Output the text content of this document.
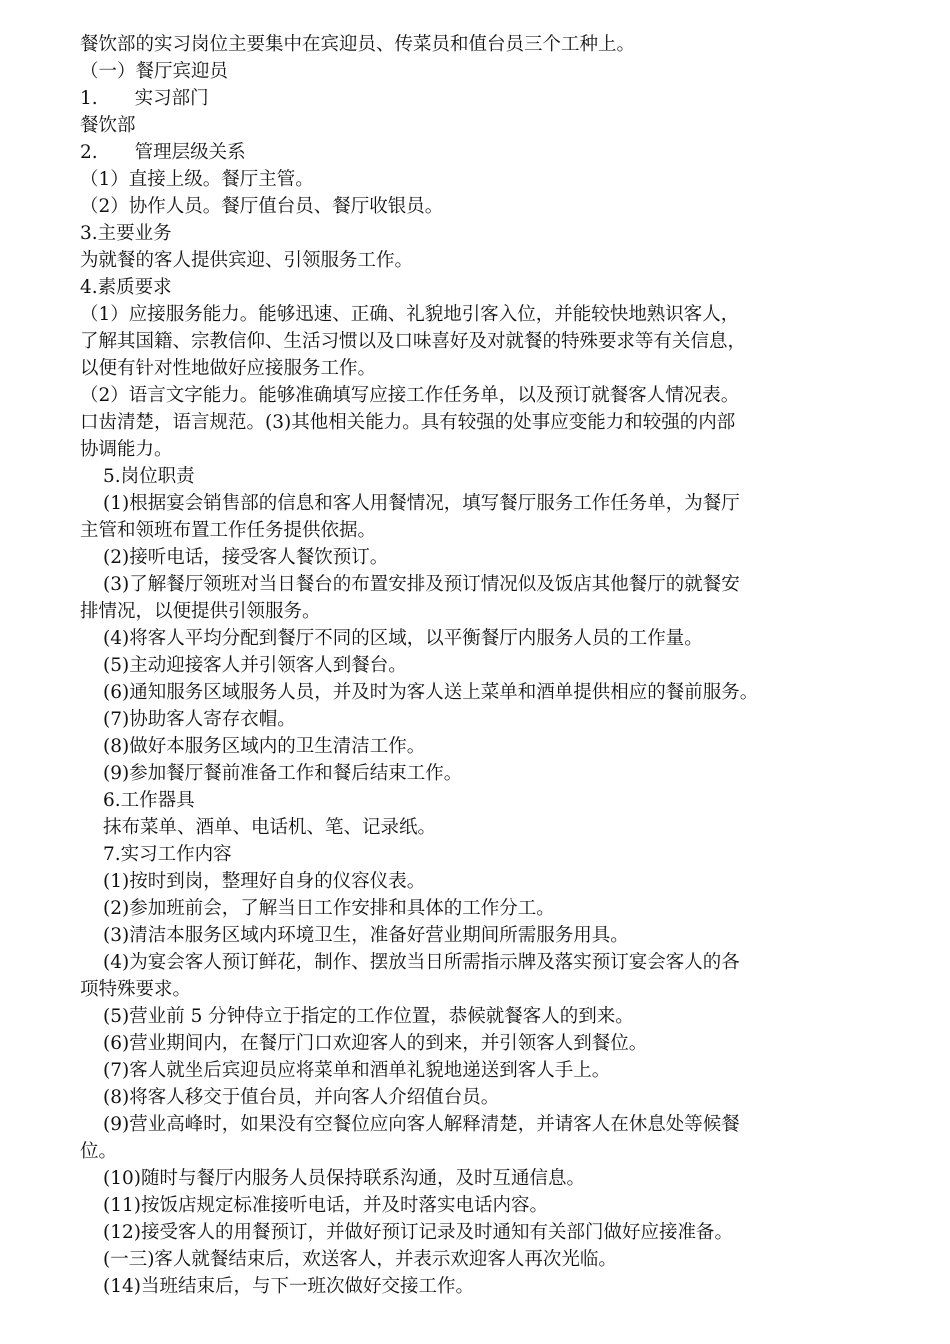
餐饮部的实习岗位主要集中在宾迎员、传菜员和值台员三个工种上。
（一）餐厅宾迎员
1.　　实习部门
餐饮部
2.　　管理层级关系
（1）直接上级。餐厅主管。
（2）协作人员。餐厅值台员、餐厅收银员。
3.主要业务
为就餐的客人提供宾迎、引领服务工作。
4.素质要求
（1）应接服务能力。能够迅速、正确、礼貌地引客入位，并能较快地熟识客人，
了解其国籍、宗教信仰、生活习惯以及口味喜好及对就餐的特殊要求等有关信息，
以便有针对性地做好应接服务工作。
（2）语言文字能力。能够准确填写应接工作任务单，以及预订就餐客人情况表。
口齿清楚，语言规范。(3)其他相关能力。具有较强的处事应变能力和较强的内部
协调能力。
5.岗位职责
(1)根据宴会销售部的信息和客人用餐情况，填写餐厅服务工作任务单，为餐厅
主管和领班布置工作任务提供依据。
(2)接听电话，接受客人餐饮预订。
(3)了解餐厅领班对当日餐台的布置安排及预订情况似及饭店其他餐厅的就餐安
排情况，以便提供引领服务。
(4)将客人平均分配到餐厅不同的区域，以平衡餐厅内服务人员的工作量。
(5)主动迎接客人并引领客人到餐台。
(6)通知服务区域服务人员，并及时为客人送上菜单和酒单提供相应的餐前服务。
(7)协助客人寄存衣帽。
(8)做好本服务区域内的卫生清洁工作。
(9)参加餐厅餐前准备工作和餐后结束工作。
6.工作器具
抹布菜单、酒单、电话机、笔、记录纸。
7.实习工作内容
(1)按时到岗，整理好自身的仪容仪表。
(2)参加班前会，了解当日工作安排和具体的工作分工。
(3)清洁本服务区域内环境卫生，准备好营业期间所需服务用具。
(4)为宴会客人预订鲜花，制作、摆放当日所需指示牌及落实预订宴会客人的各
项特殊要求。
(5)营业前 5 分钟侍立于指定的工作位置，恭候就餐客人的到来。
(6)营业期间内，在餐厅门口欢迎客人的到来，并引领客人到餐位。
(7)客人就坐后宾迎员应将菜单和酒单礼貌地递送到客人手上。
(8)将客人移交于值台员，并向客人介绍值台员。
(9)营业高峰时，如果没有空餐位应向客人解释清楚，并请客人在休息处等候餐
位。
(10)随时与餐厅内服务人员保持联系沟通，及时互通信息。
(11)按饭店规定标准接听电话，并及时落实电话内容。
(12)接受客人的用餐预订，并做好预订记录及时通知有关部门做好应接准备。
(一三)客人就餐结束后，欢送客人，并表示欢迎客人再次光临。
(14)当班结束后，与下一班次做好交接工作。
